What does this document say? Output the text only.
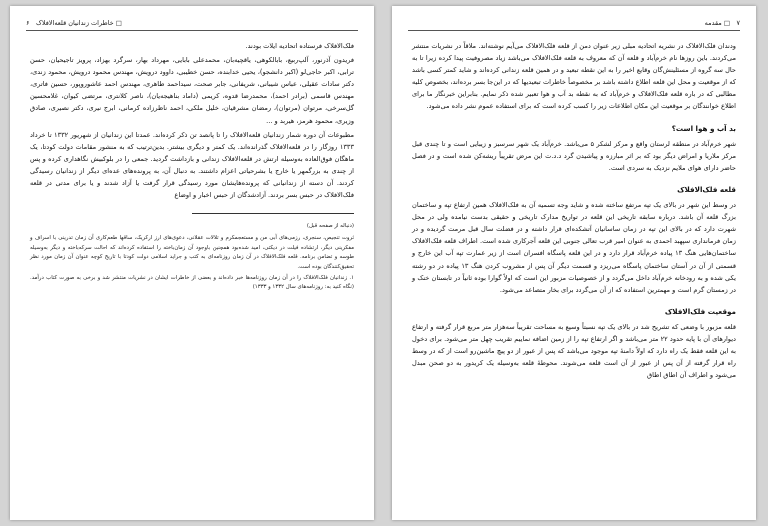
۶ □ خاطرات زندانیان قلعه‌الافلاک

فلک‌الافلاک فرستاده اتحادیه ایلات بودند.

فریدون آذرنور، آلپ‌ربیع، بابالکوهی، یاقچیه‌بان، محمدعلی بابایی، مهرداد بهار، سرگرد بهزاد، پرویز تاجیحیان، حسن ترابی، اکبر حاجی‌لو (اکبر دانشجو)، یحیی خدابنده، حسن خطیبی، داوود درویش، مهندس محمود درویش، محمود زندی، دکتر سادات عقیلی، عباس شیبانی، شریفانی، جابر صحت، سیداحمد طاهری، مهندس احمد عاشوروپور، حسین فاتری، مهندس قاسمی (برادر احمد)، محمدرضا قدوه، کریمی (داماد بناهیجه‌یان)، ناصر کلانتری، مرتضی کیوان، غلامحسین گل‌سرخی، مرتوان (مرتوان)، رمضان مشرقیان، خلیل ملکی، احمد ناظرزاده کرمانی، ابرج نیری، دکتر نصیری، صادق وزیری، محمود هرمز، هیربد و ...

مطبوعات آن دوره شمار زندانیان قلعه‌الافلاک را تا پانصد تن ذکر کرده‌اند. عمدتا این زندانیان از شهریور ۱۳۳۲ تا خرداد ۱۳۳۳ روزگار را در قلعه‌الافلاک گذرانده‌اند. یک کمتر و دیگری بیشتر. بدین‌ترتیب که به منشور مقامات دولت کودتا، یک ماهگان فوق‌العاده به‌وسیله ارتش در قلعه‌الافلاک زندانی و بازداشت گردید. جمعی را در بلوکبیش نگاهداری کرده و پس از چندی به بزرگمهر یا خارج یا بشرحیاتی اعزام داشتند. به دنبال آن، به پرونده‌های عده‌ای دیگر از زندانیان رسیدگی کردند. آن دسته از زندانیانی که پرونده‌هایشان مورد رسیدگی قرار گرفت یا آزاد شدند و یا برای مدتی در قلعه فلک‌الافلاک در حبس بسر بردند. آزادشدگان از حبس اخبار و اوضاع

(دنباله از صفحه قبل)

ثروت تنجیص، سنجری، رزمی‌های آبی من و مستعجمکرم و تلالات عقلانی، دعوی‌های ارز ارکریک، ساقها طعم‌کاری آن زمان تدرینی با اسراف و مفکرینی دیگر، ارتشاده فیلت در دیکتی، امید شده‌بود همچنین باوجود آن زمان‌باخته را استفاده کرده‌اند که احالت سرکه‌باخته و دیگر به‌وسیله طوسه و تضامن برنامه. قلعه فلک‌الافلاک در آن زمان روزنامه‌ای به کتب و جراید اسلامی دولت کودتا با تاریخ کوچه عنوان آن زمان مورد نظر تحقیق‌کنندگان بوده است.

۱. زندانیان فلک‌الافلاک را در آن زمان روزنامه‌ها خبر داده‌اند و بعضی از خاطرات ایشان در نشریات منتشر شد و برخی به صورت کتاب درآمد. (نگاه کنید به: روزنامه‌های سال ۱۳۳۲ و ۱۳۳۳)

۷
□ مقدمه

ودندان فلک‌الافلاک در نشریه اتحادیه مبلی زیر عنوان دمن از قلعه فلک‌الافلاک می‌آیم نوشته‌اند. ملاقاً در نشریات منتشر می‌کردند. باین روزها نام خرم‌آباد و قلعه آن که معروف به قلعه فلک‌الافلاک می‌باشد زیاد مصروفیت پیدا کرده زیرا تا به حال سه گروه از مسئلینش‌گان وقایع اخیر را به این نقطه تبعید و در همین قلعه زندانی کرده‌اند و شاید کمتر کسی باشد که از موقعیت و محل این قلعه اطلاع داشته باشد بر مخصوصاً خاطرات تبعیدیها که در این‌جا بسر برده‌اند، بخصوص کلیه مطالبی که در باره قلعه فلک‌الافلاک و خرم‌آباد که به نقطه بد آب و هوا تعبیر شده ذکر نمایم. بنابراین خبرنگار ما برای اطلاع خوانندگان بر موقعیت این مکان اطلاعات زیر را کسب کرده است که برای استفاده عموم نشر داده می‌شود.

بد آب و هوا است؟

شهر خرم‌آباد در منطقه لرستان واقع و مرکز لشکر ۵ می‌باشد. خرم‌آباد یک شهر سرسبز و زیبایی است و تا چندی قبل مرکز ملاریا و امراض دیگر بود که بر اثر مبارزه و پیاشیدن گرد د.د.ت این مرض تقریباً ریشه‌کن شده است و در فصل حاضر دارای هوای ملایم نزدیک به سردی است.

قلعه فلک‌الافلاک

در وسط این شهر در بالای یک تپه مرتفع ساخته شده و شاید وجه تسمیه آن به فلک‌الافلاک همین ارتفاع تپه و ساختمان بزرگ قلعه آن باشد. درباره سابقه تاریخی این قلعه در تواریخ مدارک تاریخی و حقیقی بدست نیامده ولی در محل شهرت دارد که در بالای این تپه در زمان ساسانیان آتشکده‌ای قرار داشته و در فضلت سال قبل مرمت گردیده و در زمان فرمانداری سپهبد احمدی به عنوان امیر قرب تعالی جنوبی این قلعه آجرکاری شده است. اطراف قلعه فلک‌الافلاک ساختمان‌هایی هنگ ۱۳ پیاده خرم‌آباد قرار دارد و در این قلعه پاسگاه افسران است از زیر عمارت تپه آب این خارج و قسمتی از آن در آستان ساختمان پاسگاه می‌ریزد و قسمت دیگر آن پس از مشروب کردن هنگ ۱۳ پیاده در دو رشته یکی شده و به رودخانه خرم‌آباد داخل می‌گردد و از خصوصیات مزبور این است که اولاً گوارا بوده ثانیاً در تابستان خنک و در زمستان گرم است و مهمترین استفاده که از آن می‌گردد برای بخار متصاعد می‌شود.

موقعیت فلک‌الافلاک

قلعه مزبور با وضعی که تشریح شد در بالای یک تپه نسبتاً وسیع به مساحت تقریباً سه‌هزار متر مربع قرار گرفته و ارتفاع دیوارهای آن با پایه حدود ۲۲ متر می‌باشد و اگر ارتفاع تپه را از زمین اضافه نماییم تقریب چهل متر می‌شود. برای دخول به این قلعه فقط یک راه دارد که اولاً دامنهٔ تپه موجود می‌باشد که پس از عبور از دو پیچ ماشین‌رو است از که در وسط راه قرار گرفته از آن پس از عبور از آن است قلعه می‌شوند. محوطهٔ قلعه به‌وسیله یک کریدور به دو صحن مبدل می‌شود و اطراف آن اطاق اطاق
